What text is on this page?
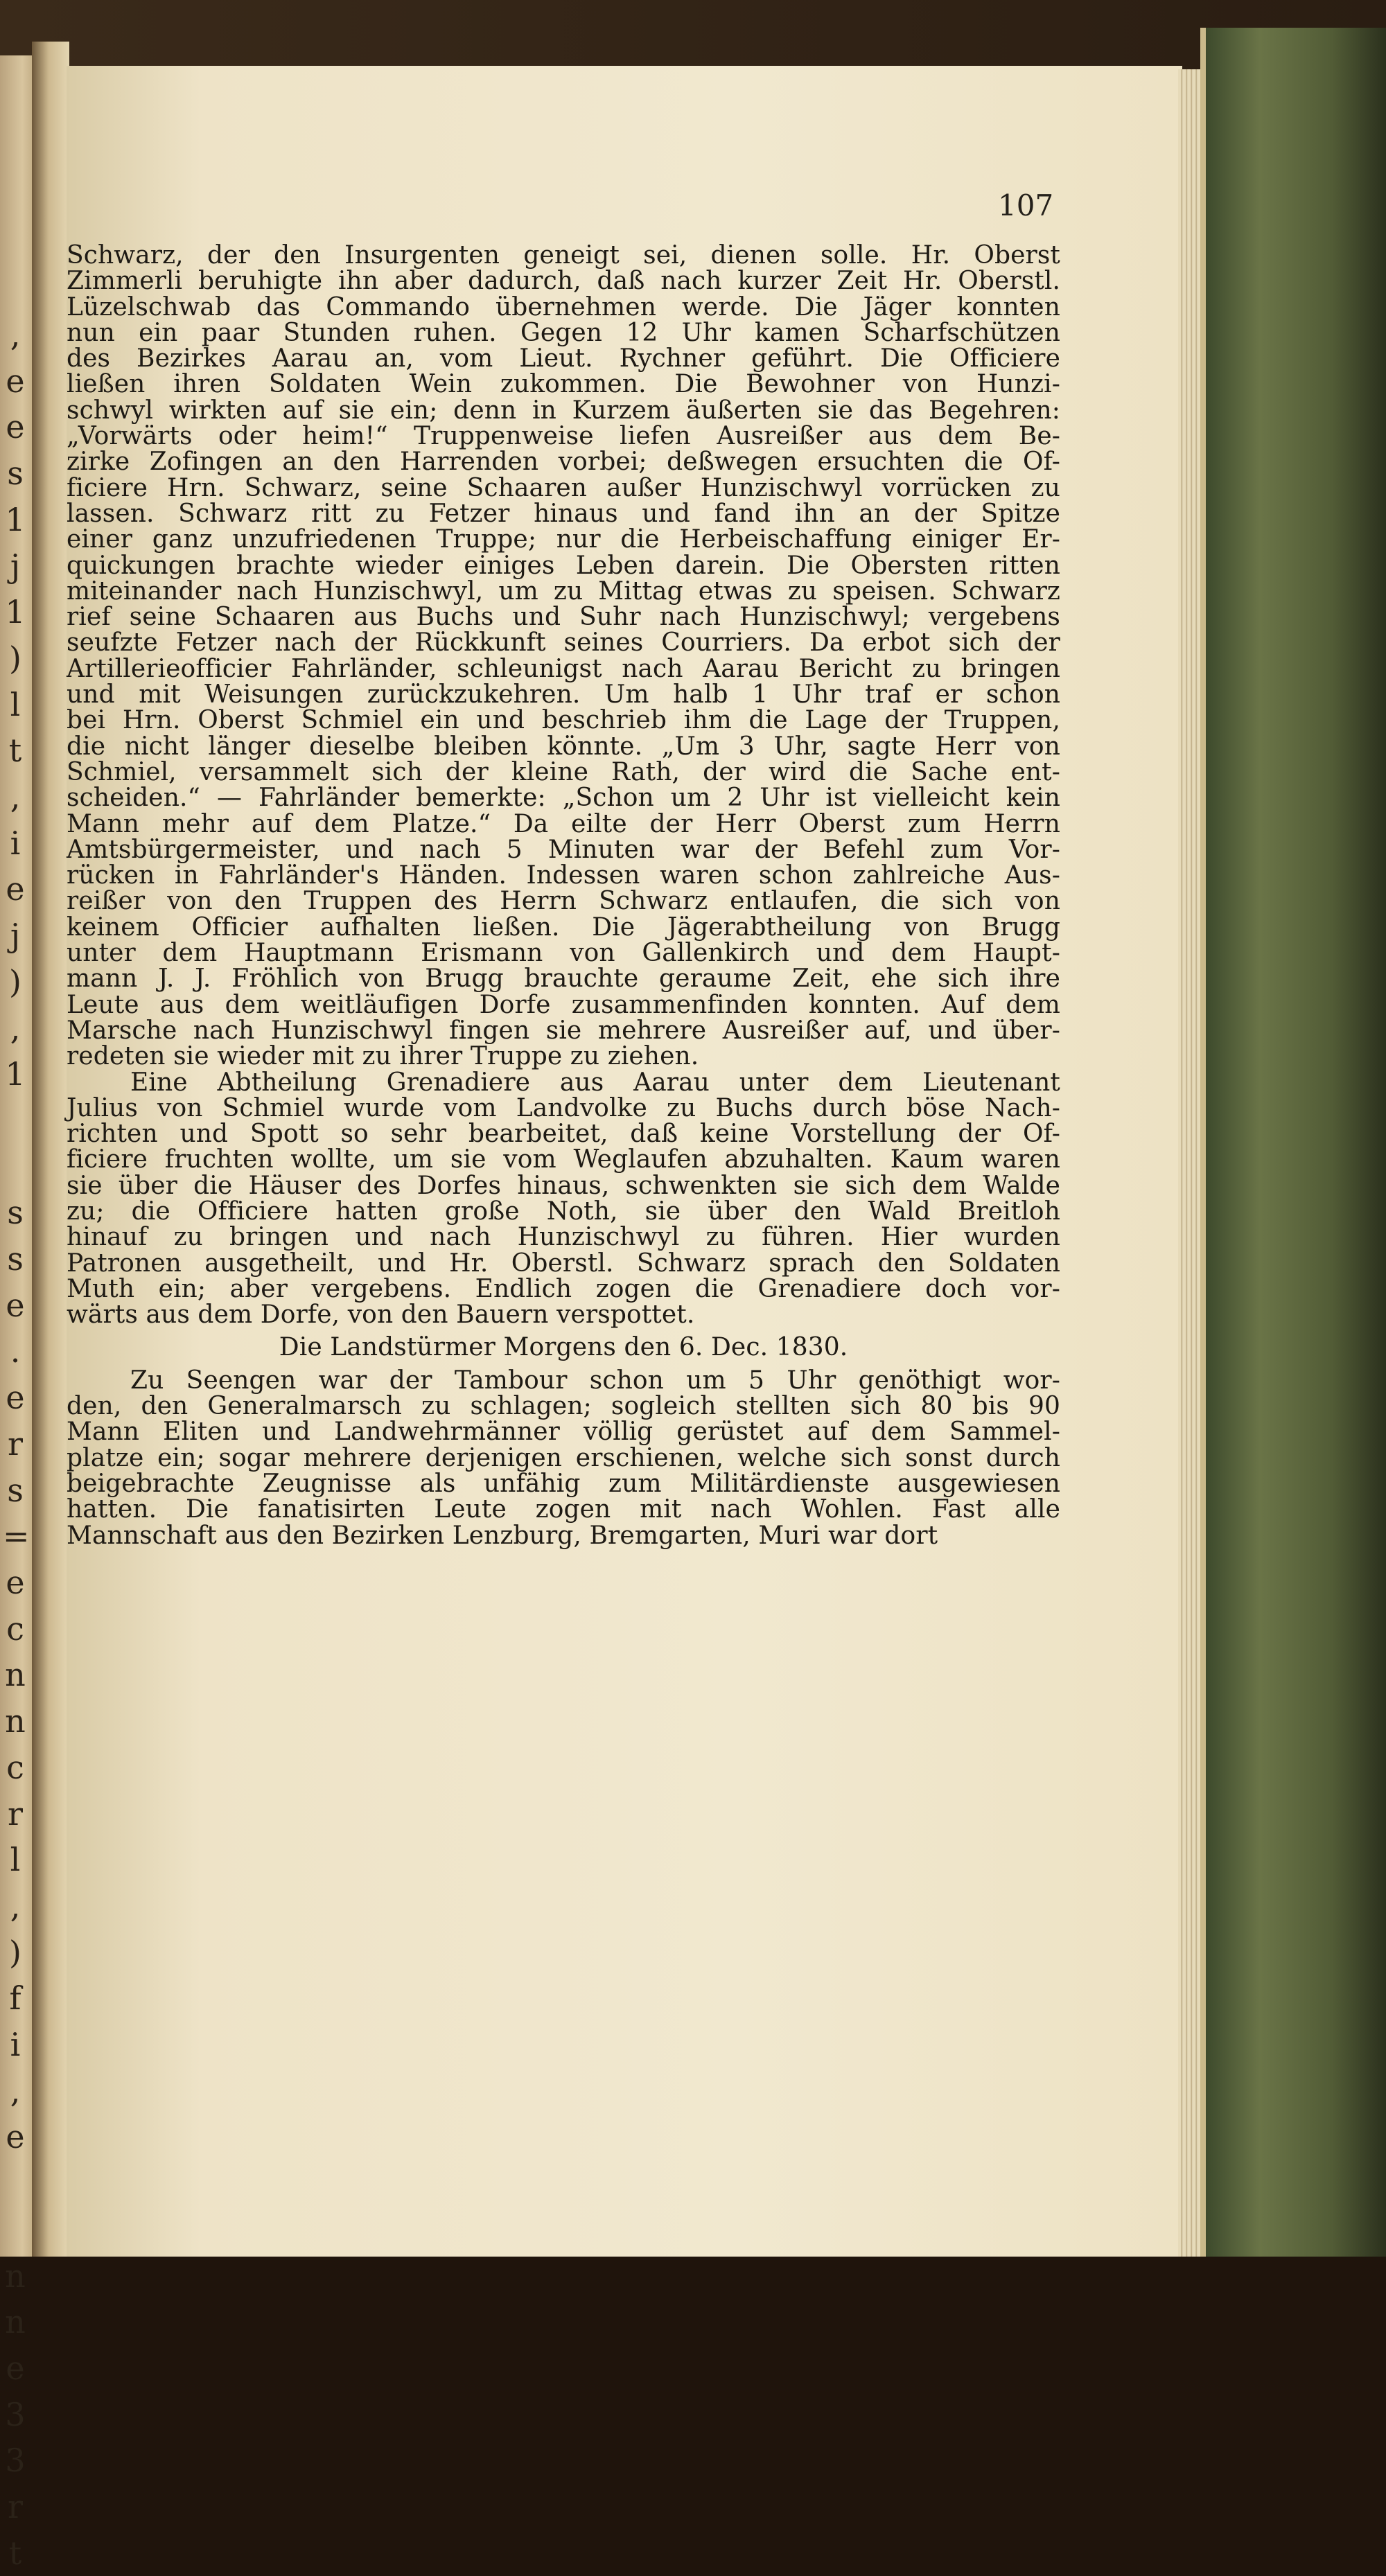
,
e
e
s
1
j
1
)
l
t
,
i
e
j
)
,
1

s
s
e
.
e
r
s
=
e
c
n
n
c
r
l
,
)
f
i
,
e

n
n
e
3
3
r
t
107
Schwarz, der den Insurgenten geneigt sei, dienen solle. Hr. Oberst
Zimmerli beruhigte ihn aber dadurch, daß nach kurzer Zeit Hr. Oberstl.
Lüzelschwab das Commando übernehmen werde. Die Jäger konnten
nun ein paar Stunden ruhen. Gegen 12 Uhr kamen Scharfschützen
des Bezirkes Aarau an, vom Lieut. Rychner geführt. Die Officiere
ließen ihren Soldaten Wein zukommen. Die Bewohner von Hunzi-
schwyl wirkten auf sie ein; denn in Kurzem äußerten sie das Begehren:
„Vorwärts oder heim!“ Truppenweise liefen Ausreißer aus dem Be-
zirke Zofingen an den Harrenden vorbei; deßwegen ersuchten die Of-
ficiere Hrn. Schwarz, seine Schaaren außer Hunzischwyl vorrücken zu
lassen. Schwarz ritt zu Fetzer hinaus und fand ihn an der Spitze
einer ganz unzufriedenen Truppe; nur die Herbeischaffung einiger Er-
quickungen brachte wieder einiges Leben darein. Die Obersten ritten
miteinander nach Hunzischwyl, um zu Mittag etwas zu speisen. Schwarz
rief seine Schaaren aus Buchs und Suhr nach Hunzischwyl; vergebens
seufzte Fetzer nach der Rückkunft seines Courriers. Da erbot sich der
Artillerieofficier Fahrländer, schleunigst nach Aarau Bericht zu bringen
und mit Weisungen zurückzukehren. Um halb 1 Uhr traf er schon
bei Hrn. Oberst Schmiel ein und beschrieb ihm die Lage der Truppen,
die nicht länger dieselbe bleiben könnte. „Um 3 Uhr, sagte Herr von
Schmiel, versammelt sich der kleine Rath, der wird die Sache ent-
scheiden.“ — Fahrländer bemerkte: „Schon um 2 Uhr ist vielleicht kein
Mann mehr auf dem Platze.“ Da eilte der Herr Oberst zum Herrn
Amtsbürgermeister, und nach 5 Minuten war der Befehl zum Vor-
rücken in Fahrländer's Händen. Indessen waren schon zahlreiche Aus-
reißer von den Truppen des Herrn Schwarz entlaufen, die sich von
keinem Officier aufhalten ließen. Die Jägerabtheilung von Brugg
unter dem Hauptmann Erismann von Gallenkirch und dem Haupt-
mann J. J. Fröhlich von Brugg brauchte geraume Zeit, ehe sich ihre
Leute aus dem weitläufigen Dorfe zusammenfinden konnten. Auf dem
Marsche nach Hunzischwyl fingen sie mehrere Ausreißer auf, und über-
redeten sie wieder mit zu ihrer Truppe zu ziehen.
Eine Abtheilung Grenadiere aus Aarau unter dem Lieutenant
Julius von Schmiel wurde vom Landvolke zu Buchs durch böse Nach-
richten und Spott so sehr bearbeitet, daß keine Vorstellung der Of-
ficiere fruchten wollte, um sie vom Weglaufen abzuhalten. Kaum waren
sie über die Häuser des Dorfes hinaus, schwenkten sie sich dem Walde
zu; die Officiere hatten große Noth, sie über den Wald Breitloh
hinauf zu bringen und nach Hunzischwyl zu führen. Hier wurden
Patronen ausgetheilt, und Hr. Oberstl. Schwarz sprach den Soldaten
Muth ein; aber vergebens. Endlich zogen die Grenadiere doch vor-
wärts aus dem Dorfe, von den Bauern verspottet.
Die Landstürmer Morgens den 6. Dec. 1830.
Zu Seengen war der Tambour schon um 5 Uhr genöthigt wor-
den, den Generalmarsch zu schlagen; sogleich stellten sich 80 bis 90
Mann Eliten und Landwehrmänner völlig gerüstet auf dem Sammel-
platze ein; sogar mehrere derjenigen erschienen, welche sich sonst durch
beigebrachte Zeugnisse als unfähig zum Militärdienste ausgewiesen
hatten. Die fanatisirten Leute zogen mit nach Wohlen. Fast alle
Mannschaft aus den Bezirken Lenzburg, Bremgarten, Muri war dort
